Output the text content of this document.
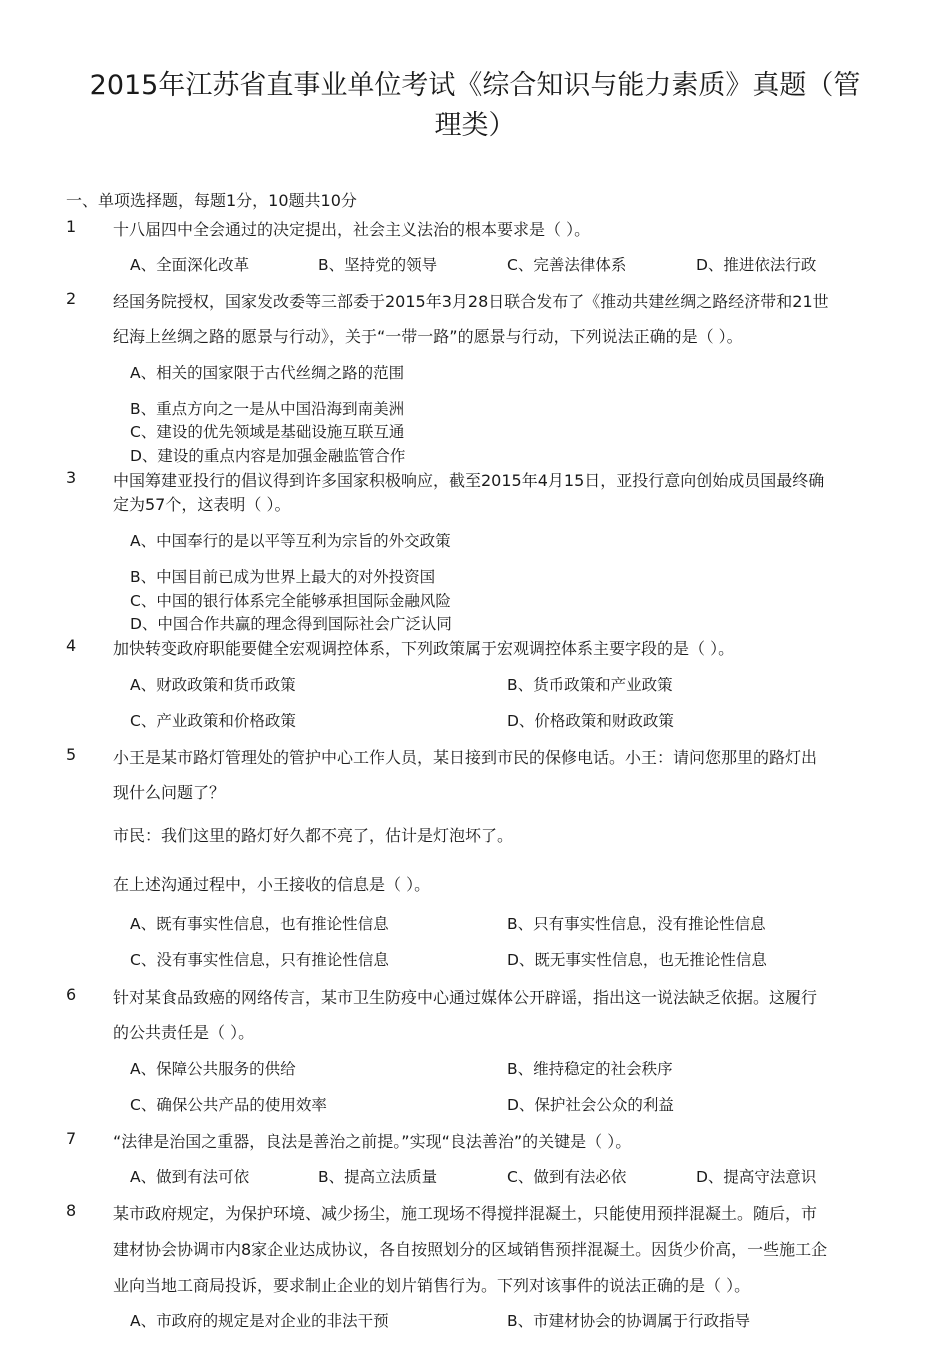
2015年江苏省直事业单位考试《综合知识与能力素质》真题（管
理类）
一、单项选择题，每题1分，10题共10分
1 十八届四中全会通过的决定提出，社会主义法治的根本要求是（ ）。
A、全面深化改革	B、坚持党的领导	C、完善法律体系	D、推进依法行政
2 经国务院授权，国家发改委等三部委于2015年3月28日联合发布了《推动共建丝绸之路经济带和21世
纪海上丝绸之路的愿景与行动》，关于“一带一路”的愿景与行动，下列说法正确的是（ ）。
A、相关的国家限于古代丝绸之路的范围
B、重点方向之一是从中国沿海到南美洲
C、建设的优先领域是基础设施互联互通
D、建设的重点内容是加强金融监管合作
3 中国筹建亚投行的倡议得到许多国家积极响应，截至2015年4月15日，亚投行意向创始成员国最终确
定为57个，这表明（ ）。
A、中国奉行的是以平等互利为宗旨的外交政策
B、中国目前已成为世界上最大的对外投资国
C、中国的银行体系完全能够承担国际金融风险
D、中国合作共赢的理念得到国际社会广泛认同
4 加快转变政府职能要健全宏观调控体系，下列政策属于宏观调控体系主要字段的是（ ）。
A、财政政策和货币政策	B、货币政策和产业政策
C、产业政策和价格政策	D、价格政策和财政政策
5 小王是某市路灯管理处的管护中心工作人员，某日接到市民的保修电话。小王：请问您那里的路灯出
现什么问题了？
市民：我们这里的路灯好久都不亮了，估计是灯泡坏了。
在上述沟通过程中，小王接收的信息是（ ）。
A、既有事实性信息，也有推论性信息	B、只有事实性信息，没有推论性信息
C、没有事实性信息，只有推论性信息	D、既无事实性信息，也无推论性信息
6 针对某食品致癌的网络传言，某市卫生防疫中心通过媒体公开辟谣，指出这一说法缺乏依据。这履行
的公共责任是（ ）。
A、保障公共服务的供给	B、维持稳定的社会秩序
C、确保公共产品的使用效率	D、保护社会公众的利益
7 “法律是治国之重器，良法是善治之前提。”实现“良法善治”的关键是（ ）。
A、做到有法可依	B、提高立法质量	C、做到有法必依	D、提高守法意识
8 某市政府规定，为保护环境、减少扬尘，施工现场不得搅拌混凝土，只能使用预拌混凝土。随后，市
建材协会协调市内8家企业达成协议，各自按照划分的区域销售预拌混凝土。因货少价高，一些施工企
业向当地工商局投诉，要求制止企业的划片销售行为。下列对该事件的说法正确的是（ ）。
A、市政府的规定是对企业的非法干预	B、市建材协会的协调属于行政指导
